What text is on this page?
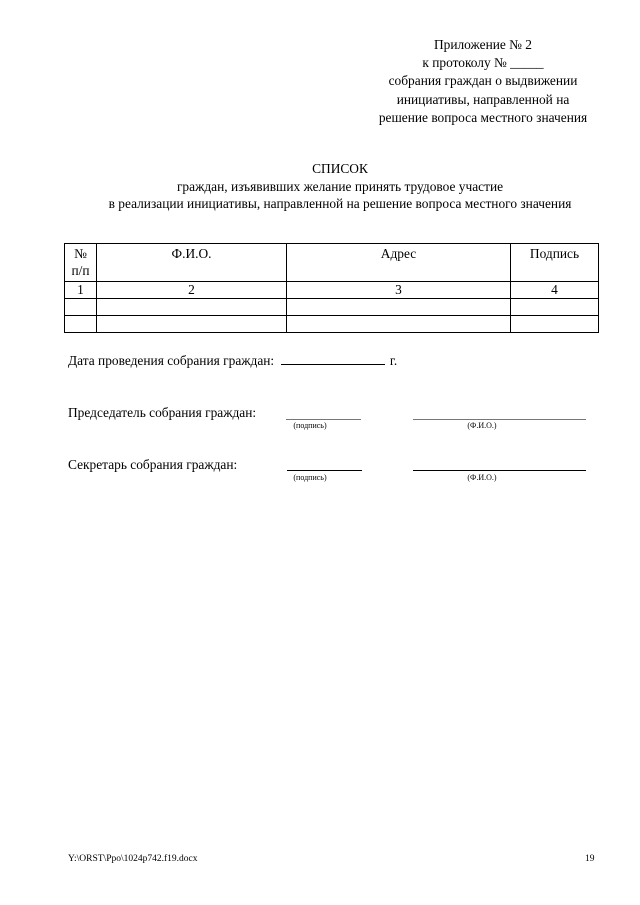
Приложение № 2
к протоколу № _____
собрания граждан о выдвижении
инициативы, направленной на
решение вопроса местного значения
СПИСОК
граждан, изъявивших желание принять трудовое участие
в реализации инициативы, направленной на решение вопроса местного значения
№
п/п	Ф.И.О.	Адрес	Подпись
1	2	3	4

Дата проведения собрания граждан:	г.
Председатель собрания граждан:
(подпись)	(Ф.И.О.)
Секретарь собрания граждан:
(подпись)	(Ф.И.О.)
Y:\ORST\Ppo\1024p742.f19.docx	19
